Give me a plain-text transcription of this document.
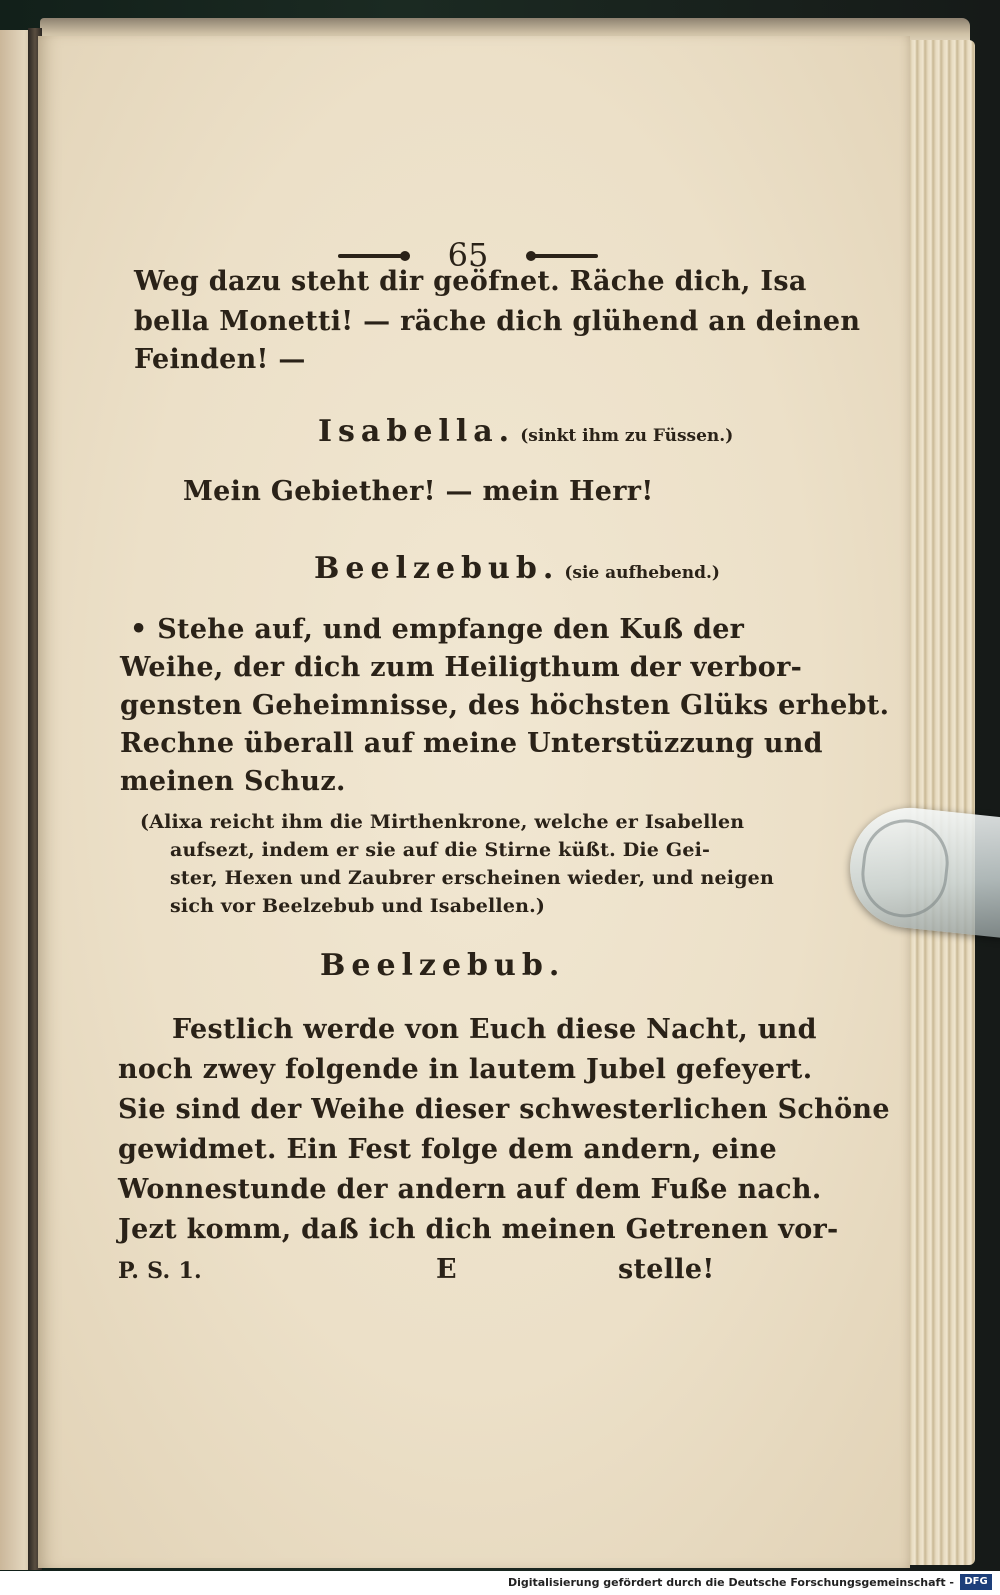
65
Weg dazu steht dir geöfnet. Räche dich, Isa
bella Monetti! — räche dich glühend an deinen
Feinden! —
Isabella. (sinkt ihm zu Füssen.)
Mein Gebiether! — mein Herr!
Beelzebub. (sie aufhebend.)
• Stehe auf, und empfange den Kuß der
Weihe, der dich zum Heiligthum der verbor-
gensten Geheimnisse, des höchsten Glüks erhebt.
Rechne überall auf meine Unterstüzzung und
meinen Schuz.
(Alixa reicht ihm die Mirthenkrone, welche er Isabellen
aufsezt, indem er sie auf die Stirne küßt. Die Gei-
ster, Hexen und Zaubrer erscheinen wieder, und neigen
sich vor Beelzebub und Isabellen.)
Beelzebub.
Festlich werde von Euch diese Nacht, und
noch zwey folgende in lautem Jubel gefeyert.
Sie sind der Weihe dieser schwesterlichen Schöne
gewidmet. Ein Fest folge dem andern, eine
Wonnestunde der andern auf dem Fuße nach.
Jezt komm, daß ich dich meinen Getrenen vor-
P. S. 1.	E	stelle!
Digitalisierung gefördert durch die Deutsche Forschungsgemeinschaft -	DFG
